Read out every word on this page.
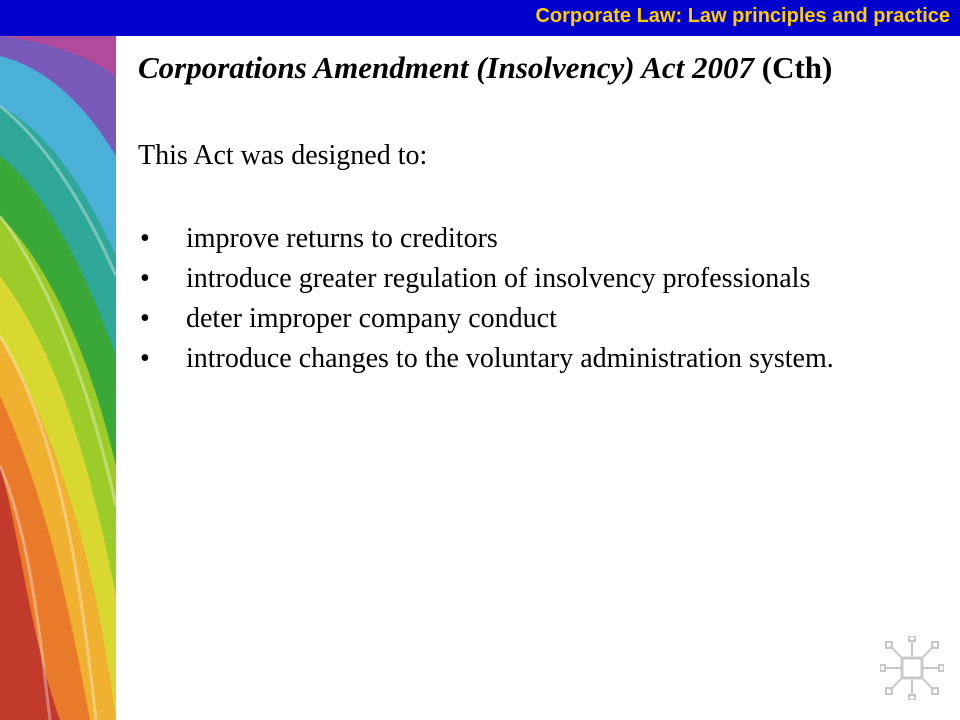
Corporate Law: Law principles and practice
Corporations Amendment (Insolvency) Act 2007 (Cth)

This Act was designed to:

• improve returns to creditors
• introduce greater regulation of insolvency professionals
• deter improper company conduct
• introduce changes to the voluntary administration system.
